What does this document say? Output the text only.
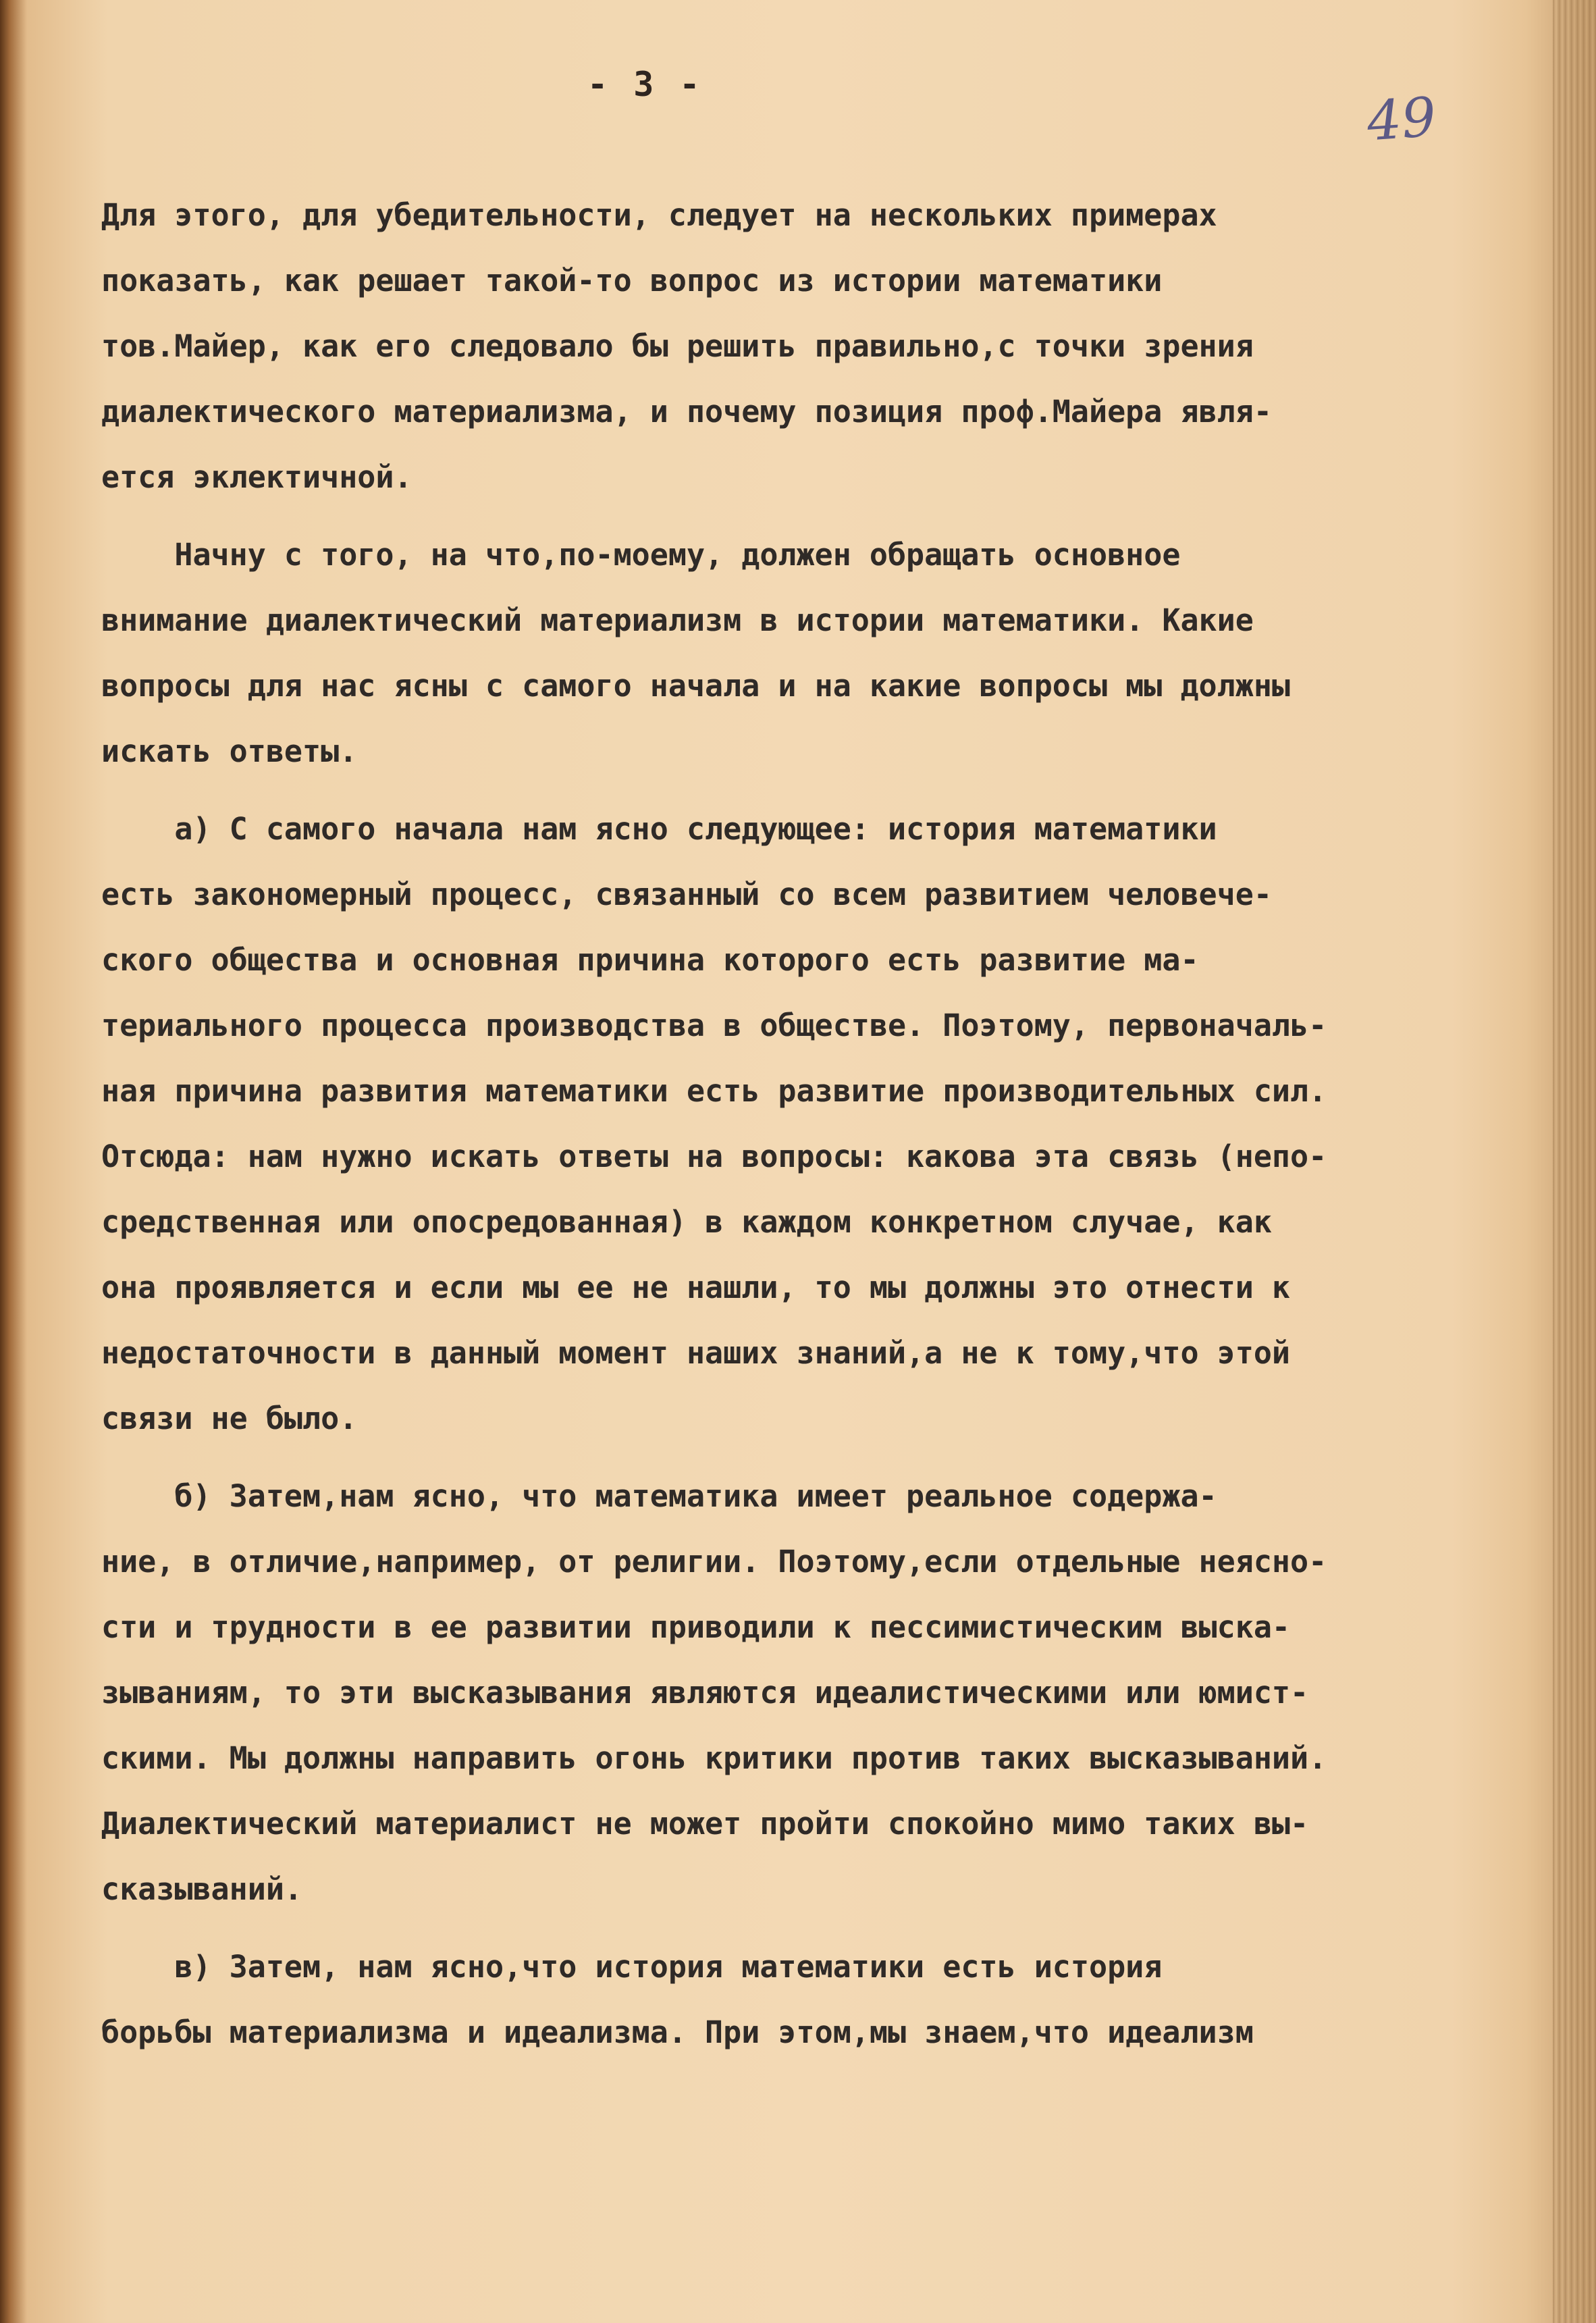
- 3 -
49
Для этого, для убедительности, следует на нескольких примерах
показать, как решает такой-то вопрос из истории математики
тов.Майер, как его следовало бы решить правильно,с точки зрения
диалектического материализма, и почему позиция проф.Майера явля-
ется эклектичной.
Начну с того, на что,по-моему, должен обращать основное
внимание диалектический материализм в истории математики. Какие
вопросы для нас ясны с самого начала и на какие вопросы мы должны
искать ответы.
а) С самого начала нам ясно следующее: история математики
есть закономерный процесс, связанный со всем развитием человече-
ского общества и основная причина которого есть развитие ма-
териального процесса производства в обществе. Поэтому, первоначаль-
ная причина развития математики есть развитие производительных сил.
Отсюда: нам нужно искать ответы на вопросы: какова эта связь (непо-
средственная или опосредованная) в каждом конкретном случае, как
она проявляется и если мы ее не нашли, то мы должны это отнести к
недостаточности в данный момент наших знаний,а не к тому,что этой
связи не было.
б) Затем,нам ясно, что математика имеет реальное содержа-
ние, в отличие,например, от религии. Поэтому,если отдельные неясно-
сти и трудности в ее развитии приводили к пессимистическим выска-
зываниям, то эти высказывания являются идеалистическими или юмист-
скими. Мы должны направить огонь критики против таких высказываний.
Диалектический материалист не может пройти спокойно мимо таких вы-
сказываний.
в) Затем, нам ясно,что история математики есть история
борьбы материализма и идеализма. При этом,мы знаем,что идеализм
